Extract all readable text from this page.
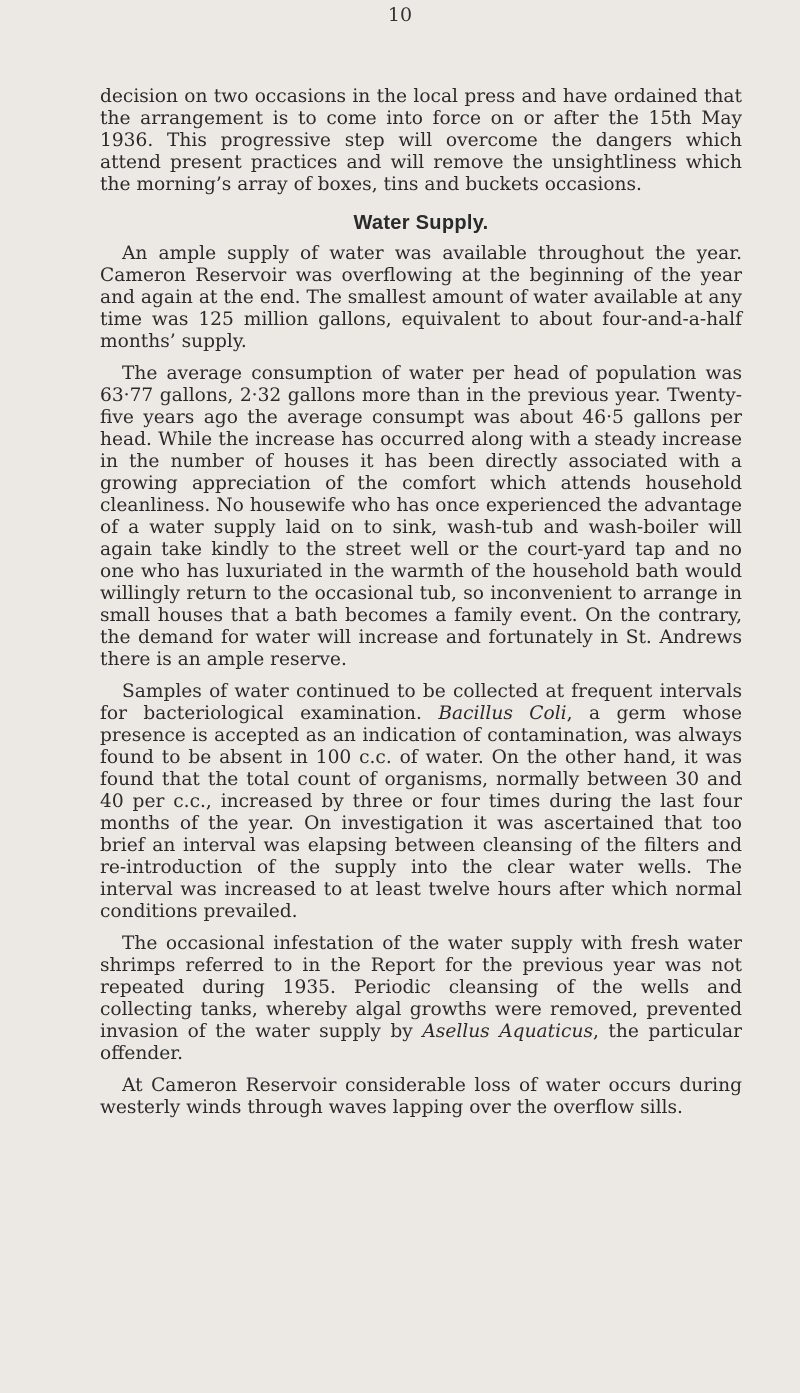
10

decision on two occasions in the local press and have ordained that the arrangement is to come into force on or after the 15th May 1936. This progressive step will overcome the dangers which attend present practices and will remove the unsightliness which the morning’s array of boxes, tins and buckets occasions.

Water Supply.

An ample supply of water was available throughout the year. Cameron Reservoir was overflowing at the beginning of the year and again at the end. The smallest amount of water available at any time was 125 million gallons, equivalent to about four-and-a-half months’ supply.

The average consumption of water per head of population was 63·77 gallons, 2·32 gallons more than in the previous year. Twenty-five years ago the average consumpt was about 46·5 gallons per head. While the increase has occurred along with a steady increase in the number of houses it has been directly associated with a growing appreciation of the comfort which attends household cleanliness. No housewife who has once experienced the advantage of a water supply laid on to sink, wash-tub and wash-boiler will again take kindly to the street well or the court-yard tap and no one who has luxuriated in the warmth of the household bath would willingly return to the occasional tub, so inconvenient to arrange in small houses that a bath becomes a family event. On the contrary, the demand for water will increase and fortunately in St. Andrews there is an ample reserve.

Samples of water continued to be collected at frequent intervals for bacteriological examination. Bacillus Coli, a germ whose presence is accepted as an indication of contamination, was always found to be absent in 100 c.c. of water. On the other hand, it was found that the total count of organisms, normally between 30 and 40 per c.c., increased by three or four times during the last four months of the year. On investigation it was ascertained that too brief an interval was elapsing between cleansing of the filters and re-introduction of the supply into the clear water wells. The interval was increased to at least twelve hours after which normal conditions prevailed.

The occasional infestation of the water supply with fresh water shrimps referred to in the Report for the previous year was not repeated during 1935. Periodic cleansing of the wells and collecting tanks, whereby algal growths were removed, prevented invasion of the water supply by Asellus Aquaticus, the particular offender.

At Cameron Reservoir considerable loss of water occurs during westerly winds through waves lapping over the overflow sills.
